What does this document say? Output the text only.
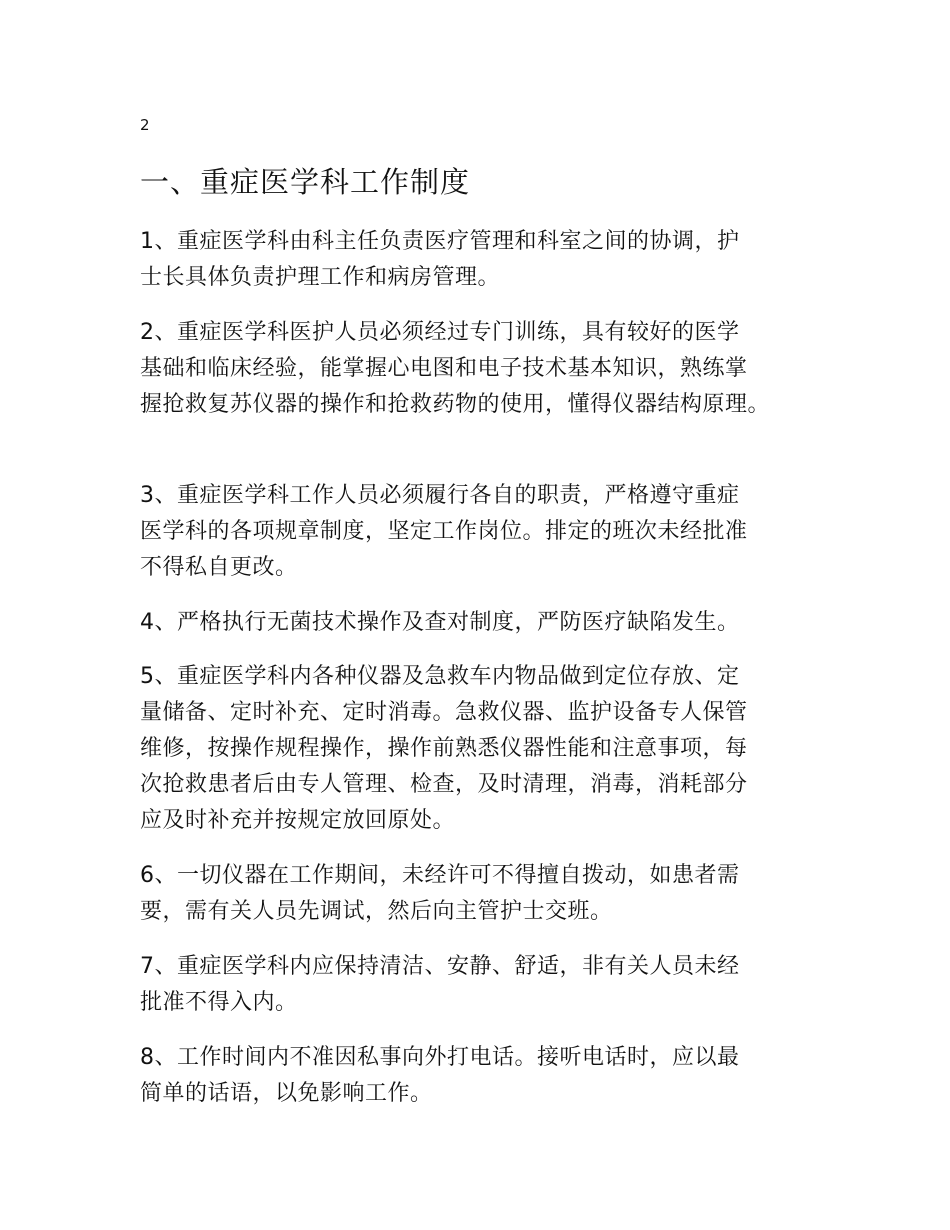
2
一、重症医学科工作制度

1、重症医学科由科主任负责医疗管理和科室之间的协调，护
士长具体负责护理工作和病房管理。

2、重症医学科医护人员必须经过专门训练，具有较好的医学
基础和临床经验，能掌握心电图和电子技术基本知识，熟练掌
握抢救复苏仪器的操作和抢救药物的使用，懂得仪器结构原理。

3、重症医学科工作人员必须履行各自的职责，严格遵守重症
医学科的各项规章制度，坚定工作岗位。排定的班次未经批准
不得私自更改。

4、严格执行无菌技术操作及查对制度，严防医疗缺陷发生。

5、重症医学科内各种仪器及急救车内物品做到定位存放、定
量储备、定时补充、定时消毒。急救仪器、监护设备专人保管
维修，按操作规程操作，操作前熟悉仪器性能和注意事项，每
次抢救患者后由专人管理、检查，及时清理，消毒，消耗部分
应及时补充并按规定放回原处。

6、一切仪器在工作期间，未经许可不得擅自拨动，如患者需
要，需有关人员先调试，然后向主管护士交班。

7、重症医学科内应保持清洁、安静、舒适，非有关人员未经
批准不得入内。

8、工作时间内不准因私事向外打电话。接听电话时，应以最
简单的话语，以免影响工作。
